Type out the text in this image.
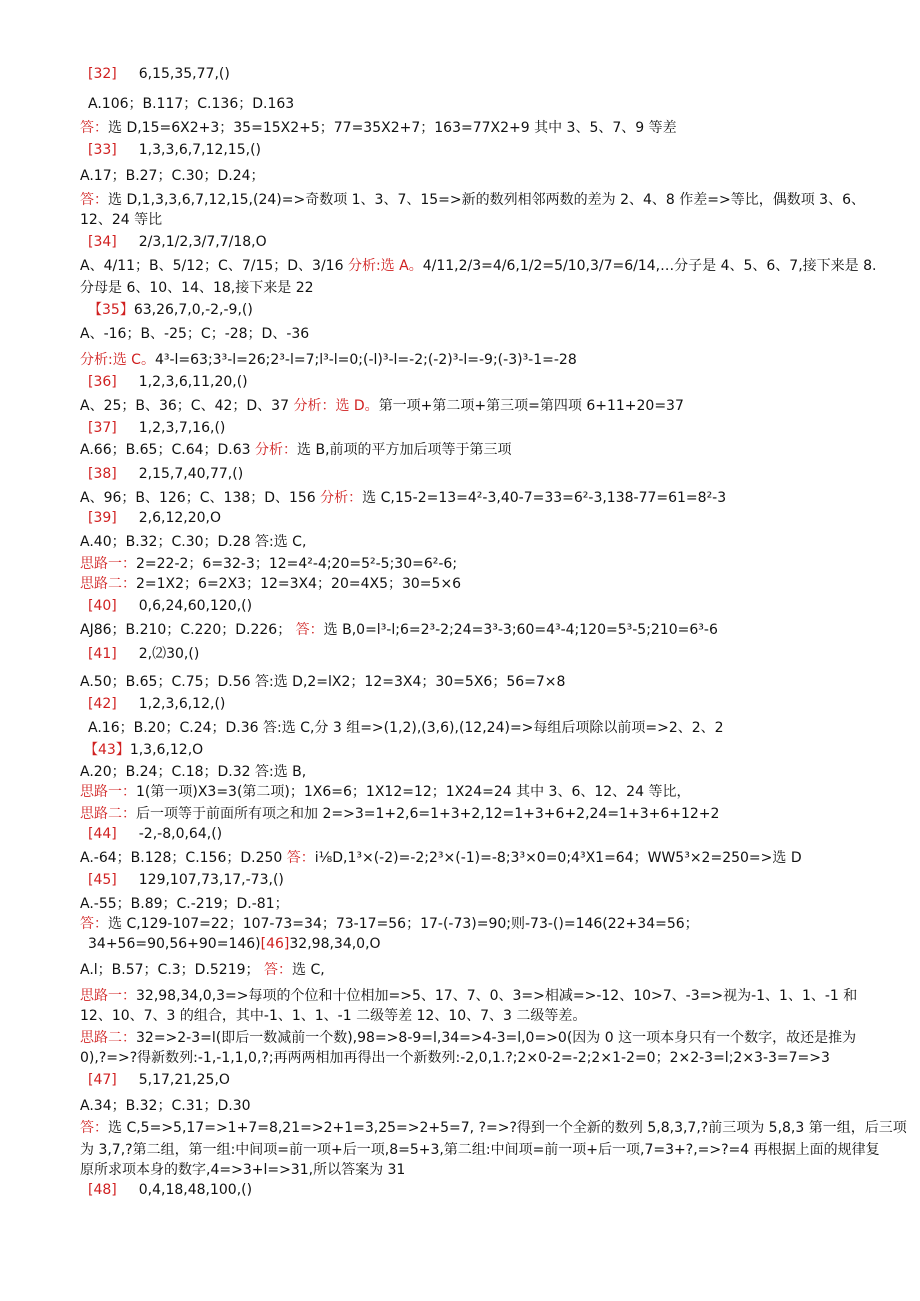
[32] 6,15,35,77,()
A.106；B.117；C.136；D.163
答：选 D,15=6X2+3；35=15X2+5；77=35X2+7；163=77X2+9 其中 3、5、7、9 等差
[33] 1,3,3,6,7,12,15,()
A.17；B.27；C.30；D.24；
答：选 D,1,3,3,6,7,12,15,(24)=>奇数项 1、3、7、15=>新的数列相邻两数的差为 2、4、8 作差=>等比，偶数项 3、6、
12、24 等比
[34] 2/3,1/2,3/7,7/18,O
A、4/11；B、5/12；C、7/15；D、3/16 分析:选 A。4/11,2/3=4/6,1/2=5/10,3/7=6/14,…分子是 4、5、6、7,接下来是 8.
分母是 6、10、14、18,接下来是 22
【35】63,26,7,0,-2,-9,()
A、-16；B、-25；C；-28；D、-36
分析:选 C。4³-l=63;3³-l=26;2³-l=7;l³-l=0;(-l)³-l=-2;(-2)³-l=-9;(-3)³-1=-28
[36] 1,2,3,6,11,20,()
A、25；B、36；C、42；D、37 分析：选 D。第一项+第二项+第三项=第四项 6+11+20=37
[37] 1,2,3,7,16,()
A.66；B.65；C.64；D.63 分析：选 B,前项的平方加后项等于第三项
[38] 2,15,7,40,77,()
A、96；B、126；C、138；D、156 分析：选 C,15-2=13=4²-3,40-7=33=6²-3,138-77=61=8²-3
[39] 2,6,12,20,O
A.40；B.32；C.30；D.28 答:选 C,
思路一：2=22-2；6=32-3；12=4²-4;20=5²-5;30=6²-6;
思路二：2=1X2；6=2X3；12=3X4；20=4X5；30=5×6
[40] 0,6,24,60,120,()
AJ86；B.210；C.220；D.226； 答：选 B,0=l³-l;6=2³-2;24=3³-3;60=4³-4;120=5³-5;210=6³-6
[41] 2,⑵30,()
A.50；B.65；C.75；D.56 答:选 D,2=lX2；12=3X4；30=5X6；56=7×8
[42] 1,2,3,6,12,()
A.16；B.20；C.24；D.36 答:选 C,分 3 组=>(1,2),(3,6),(12,24)=>每组后项除以前项=>2、2、2
【43】1,3,6,12,O
A.20；B.24；C.18；D.32 答:选 B,
思路一：1(第一项)X3=3(第二项)；1X6=6；1X12=12；1X24=24 其中 3、6、12、24 等比，
思路二：后一项等于前面所有项之和加 2=>3=1+2,6=1+3+2,12=1+3+6+2,24=1+3+6+12+2
[44] -2,-8,0,64,()
A.-64；B.128；C.156；D.250 答：i⅛D,1³×(-2)=-2;2³×(-1)=-8;3³×0=0;4³X1=64；WW5³×2=250=>选 D
[45] 129,107,73,17,-73,()
A.-55；B.89；C.-219；D.-81；
答：选 C,129-107=22；107-73=34；73-17=56；17-(-73)=90;则-73-()=146(22+34=56；
34+56=90,56+90=146)[46]32,98,34,0,O
A.l；B.57；C.3；D.5219； 答：选 C,
思路一：32,98,34,0,3=>每项的个位和十位相加=>5、17、7、0、3=>相减=>-12、10>7、-3=>视为-1、1、1、-1 和
12、10、7、3 的组合，其中-1、1、1、-1 二级等差 12、10、7、3 二级等差。
思路二：32=>2-3=l(即后一数减前一个数),98=>8-9=l,34=>4-3=l,0=>0(因为 0 这一项本身只有一个数字，故还是推为
0),?=>?得新数列:-1,-1,1,0,?;再两两相加再得出一个新数列:-2,0,1.?;2×0-2=-2;2×1-2=0；2×2-3=l;2×3-3=7=>3
[47] 5,17,21,25,O
A.34；B.32；C.31；D.30
答：选 C,5=>5,17=>1+7=8,21=>2+1=3,25=>2+5=7, ?=>?得到一个全新的数列 5,8,3,7,?前三项为 5,8,3 第一组，后三项
为 3,7,?第二组，第一组:中间项=前一项+后一项,8=5+3,第二组:中间项=前一项+后一项,7=3+?,=>?=4 再根据上面的规律复
原所求项本身的数字,4=>3+l=>31,所以答案为 31
[48] 0,4,18,48,100,()
